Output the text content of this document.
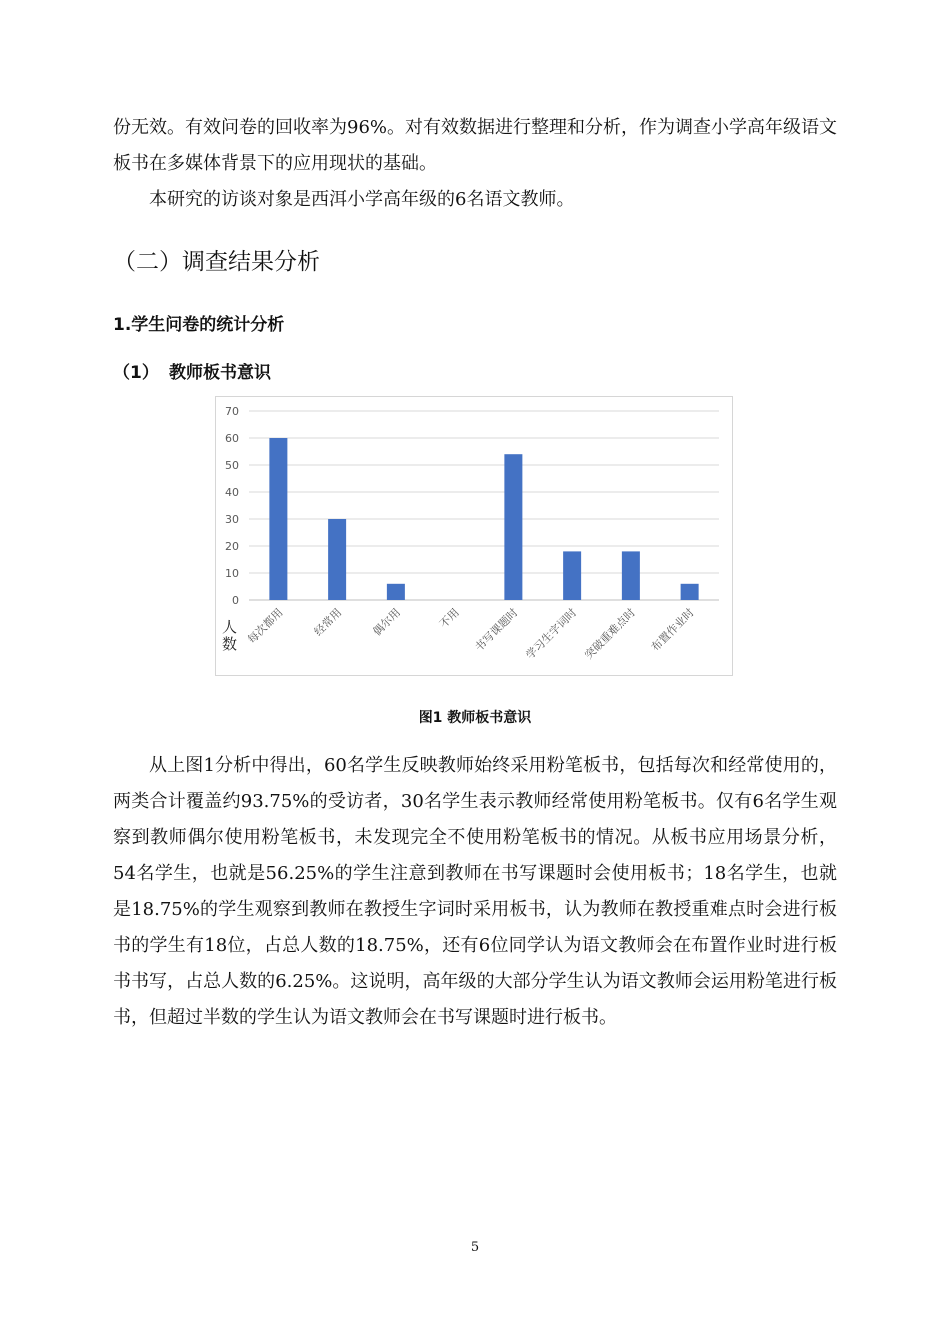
份无效。有效问卷的回收率为96%。对有效数据进行整理和分析，作为调查小学高年级语文板书在多媒体背景下的应用现状的基础。

本研究的访谈对象是西洱小学高年级的6名语文教师。

（二）调查结果分析
1.学生问卷的统计分析
（1） 教师板书意识
0
10
20
30
40
50
60
70
每次都用 经常用 偶尔用	不用 书写课题时 学习生字词时 突破重难点时 布置作业时
人数

图1 教师板书意识

从上图1分析中得出，60名学生反映教师始终采用粉笔板书，包括每次和经常使用的，两类合计覆盖约93.75%的受访者，30名学生表示教师经常使用粉笔板书。仅有6名学生观察到教师偶尔使用粉笔板书，未发现完全不使用粉笔板书的情况。从板书应用场景分析，54名学生，也就是56.25%的学生注意到教师在书写课题时会使用板书；18名学生，也就是18.75%的学生观察到教师在教授生字词时采用板书，认为教师在教授重难点时会进行板书的学生有18位，占总人数的18.75%，还有6位同学认为语文教师会在布置作业时进行板书书写，占总人数的6.25%。这说明，高年级的大部分学生认为语文教师会运用粉笔进行板书，但超过半数的学生认为语文教师会在书写课题时进行板书。

5
